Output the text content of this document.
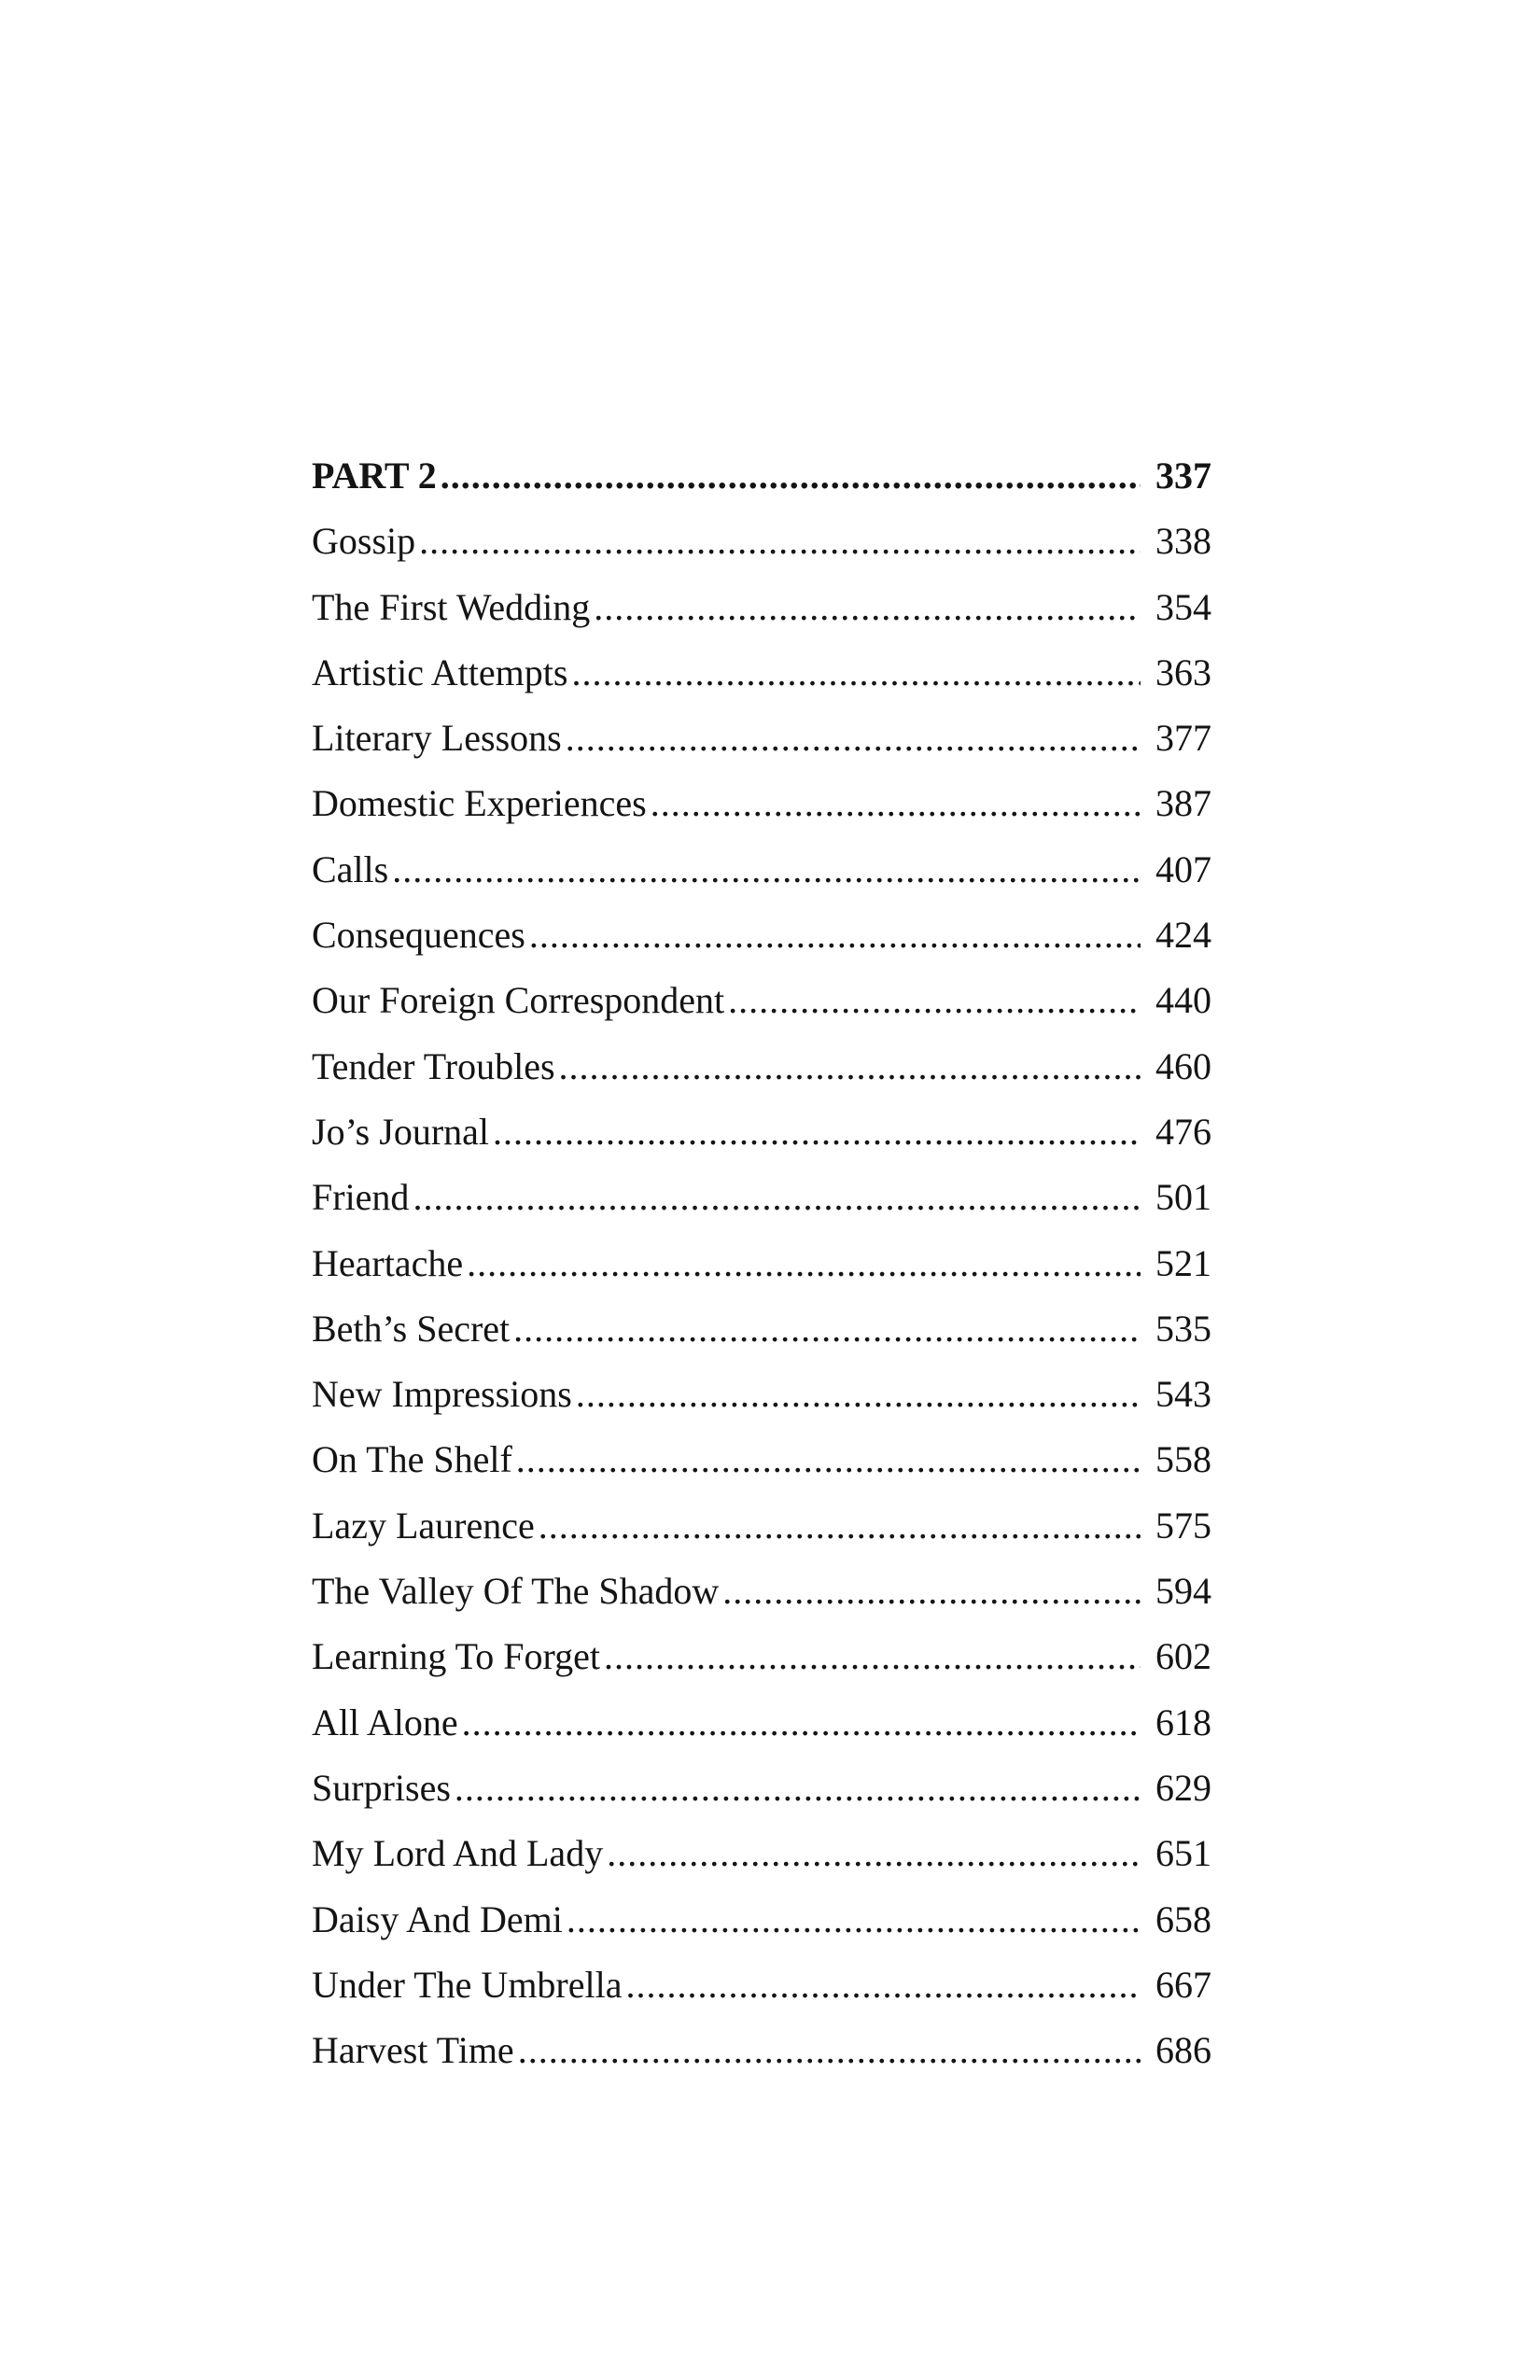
PART 2 .....	337
Gossip .....	338
The First Wedding .....	354
Artistic Attempts .....	363
Literary Lessons .....	377
Domestic Experiences .....	387
Calls .....	407
Consequences .....	424
Our Foreign Correspondent .....	440
Tender Troubles .....	460
Jo’s Journal .....	476
Friend .....	501
Heartache .....	521
Beth’s Secret .....	535
New Impressions .....	543
On The Shelf .....	558
Lazy Laurence .....	575
The Valley Of The Shadow .....	594
Learning To Forget .....	602
All Alone .....	618
Surprises .....	629
My Lord And Lady .....	651
Daisy And Demi .....	658
Under The Umbrella .....	667
Harvest Time .....	686
